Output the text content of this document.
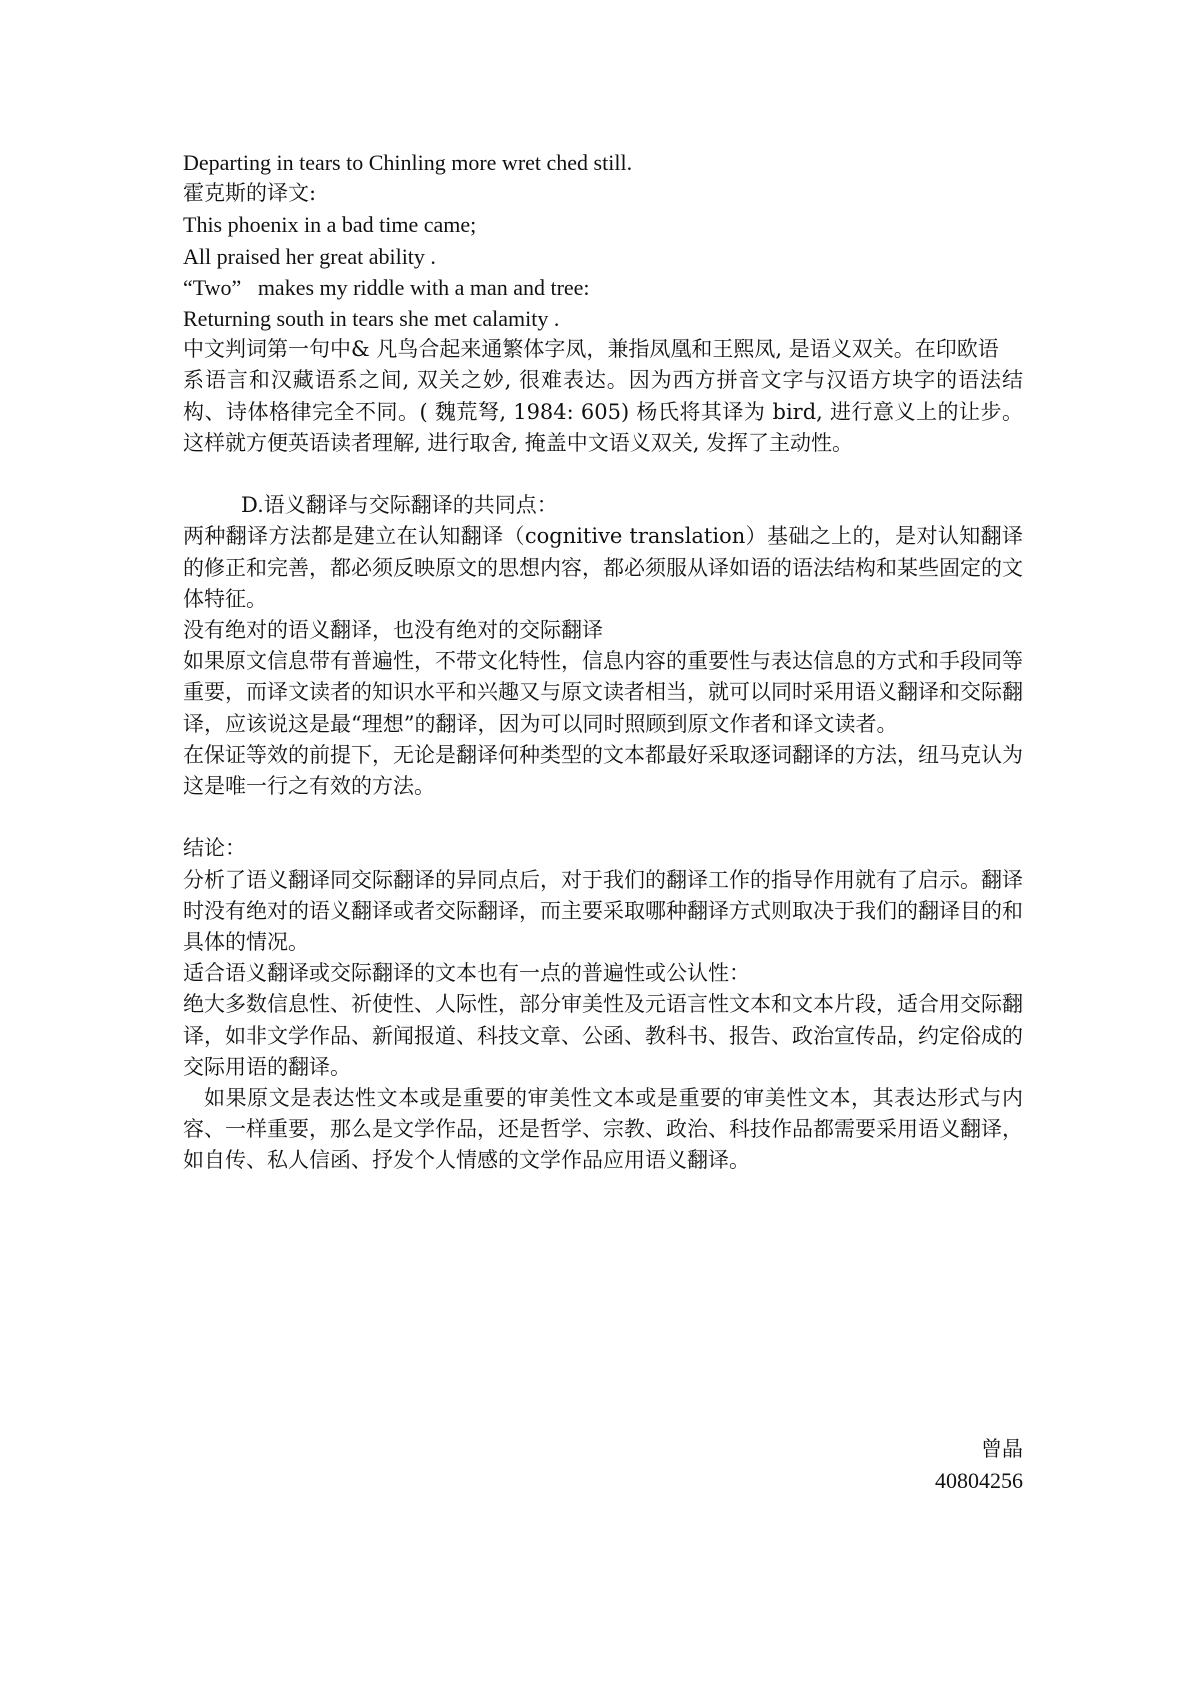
Departing in tears to Chinling more wret ched still.

霍克斯的译文:

This phoenix in a bad time came;

All praised her great ability .

“Two”   makes my riddle with a man and tree:

Returning south in tears she met calamity .

中文判词第一句中& 凡鸟合起来通繁体字凤，兼指凤凰和王熙凤, 是语义双关。在印欧语

系语言和汉藏语系之间, 双关之妙, 很难表达。因为西方拼音文字与汉语方块字的语法结构、诗体格律完全不同。( 魏荒弩, 1984: 605) 杨氏将其译为 bird, 进行意义上的让步。这样就方便英语读者理解, 进行取舍, 掩盖中文语义双关, 发挥了主动性。

D.语义翻译与交际翻译的共同点：

两种翻译方法都是建立在认知翻译（cognitive translation）基础之上的，是对认知翻译的修正和完善，都必须反映原文的思想内容，都必须服从译如语的语法结构和某些固定的文体特征。

没有绝对的语义翻译，也没有绝对的交际翻译

如果原文信息带有普遍性，不带文化特性，信息内容的重要性与表达信息的方式和手段同等重要，而译文读者的知识水平和兴趣又与原文读者相当，就可以同时采用语义翻译和交际翻译，应该说这是最“理想”的翻译，因为可以同时照顾到原文作者和译文读者。

在保证等效的前提下，无论是翻译何种类型的文本都最好采取逐词翻译的方法，纽马克认为这是唯一行之有效的方法。

结论：

分析了语义翻译同交际翻译的异同点后，对于我们的翻译工作的指导作用就有了启示。翻译时没有绝对的语义翻译或者交际翻译，而主要采取哪种翻译方式则取决于我们的翻译目的和具体的情况。

适合语义翻译或交际翻译的文本也有一点的普遍性或公认性：

绝大多数信息性、祈使性、人际性，部分审美性及元语言性文本和文本片段，适合用交际翻译，如非文学作品、新闻报道、科技文章、公函、教科书、报告、政治宣传品，约定俗成的交际用语的翻译。

如果原文是表达性文本或是重要的审美性文本或是重要的审美性文本，其表达形式与内容、一样重要，那么是文学作品，还是哲学、宗教、政治、科技作品都需要采用语义翻译，如自传、私人信函、抒发个人情感的文学作品应用语义翻译。

曾晶
40804256
